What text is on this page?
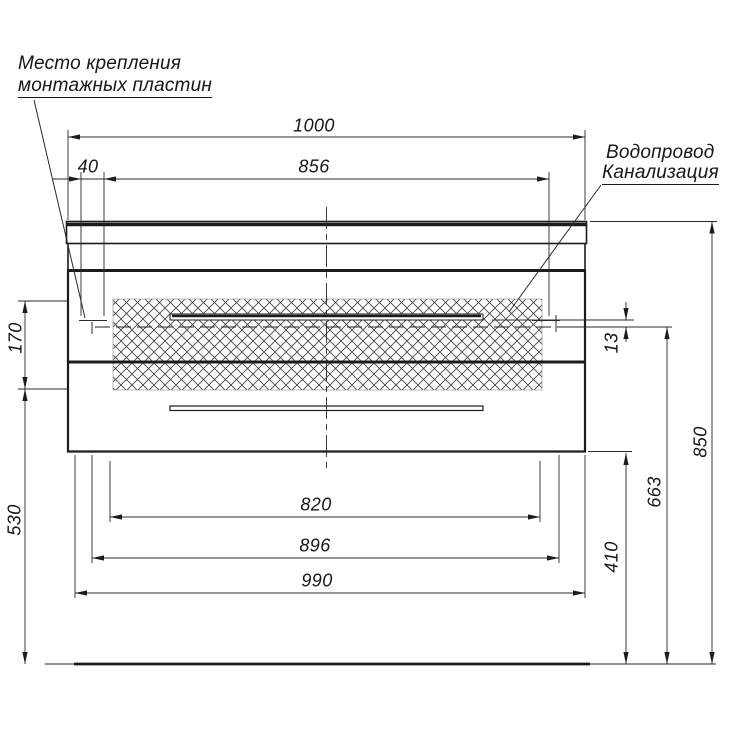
Место крепления
монтажных пластин
Водопровод
Канализация
1000
40	856
820
896
990
170
530
13
663
850
410
